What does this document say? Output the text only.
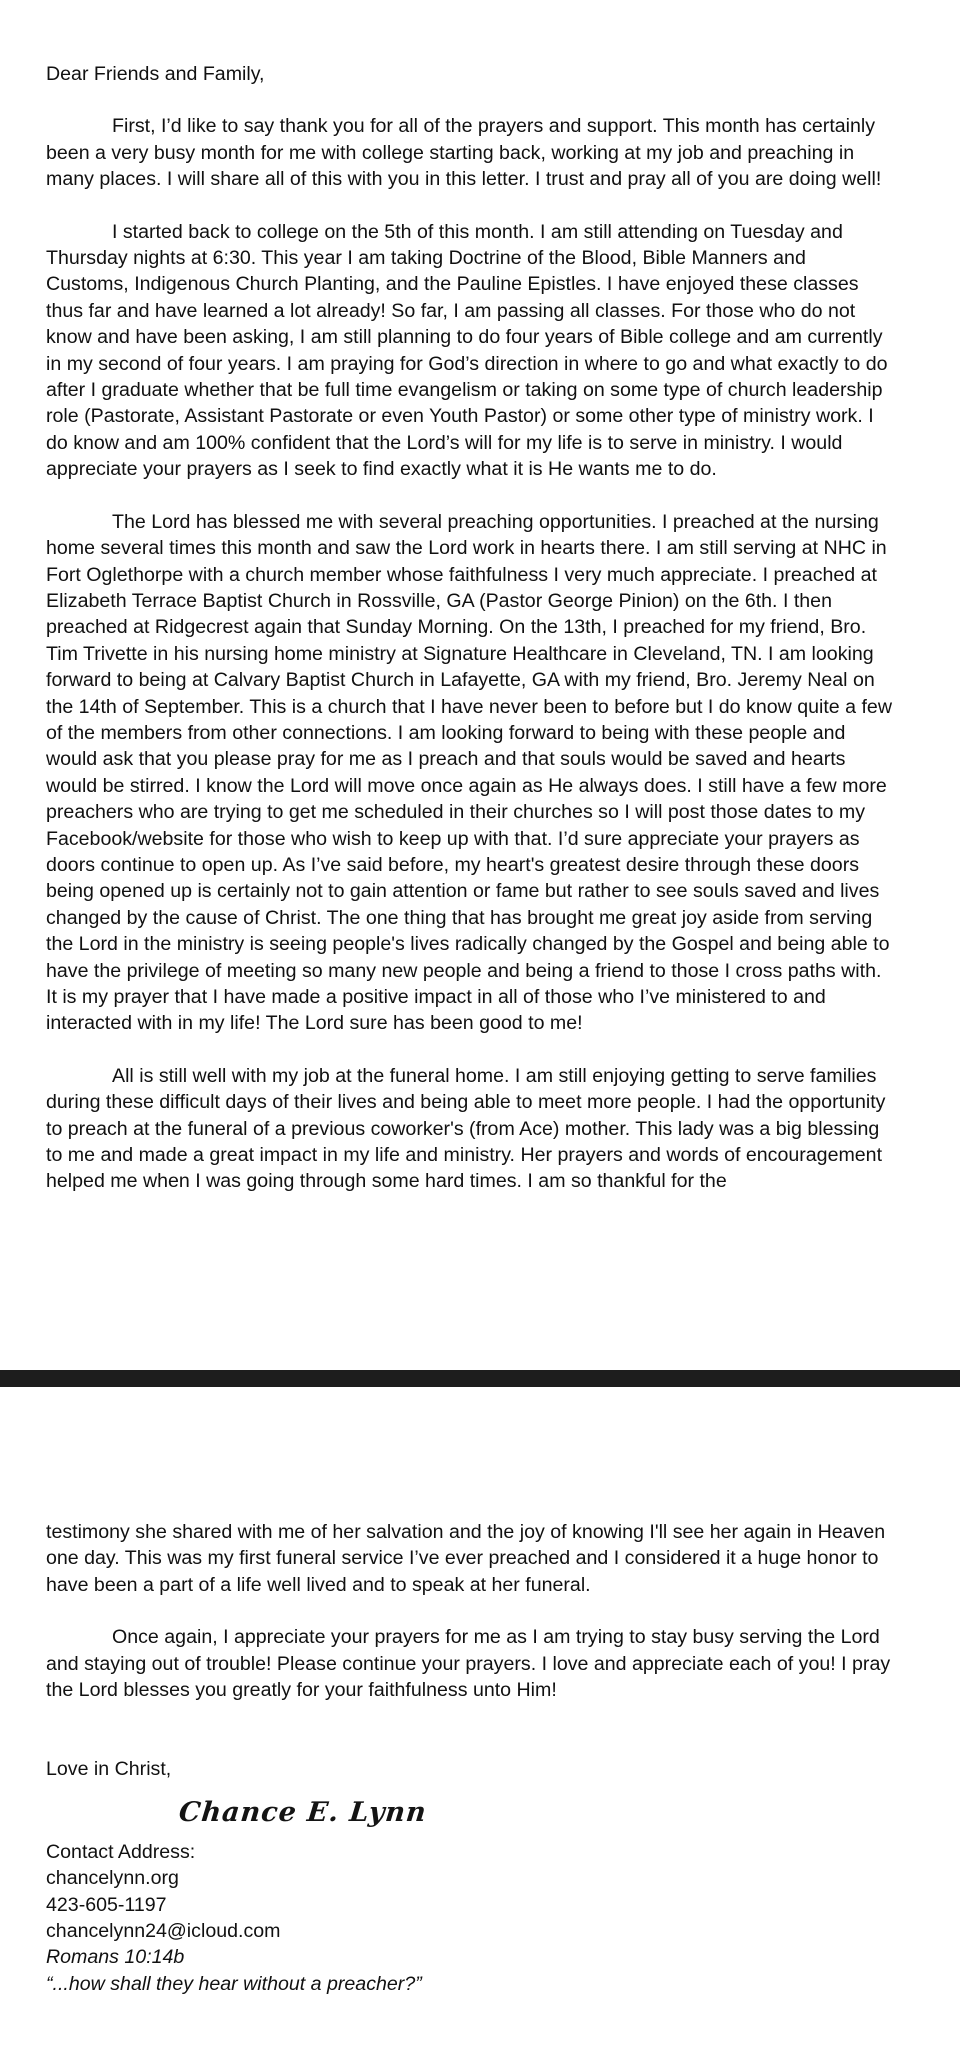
Dear Friends and Family,

First, I’d like to say thank you for all of the prayers and support. This month has certainly been a very busy month for me with college starting back, working at my job and preaching in many places. I will share all of this with you in this letter. I trust and pray all of you are doing well!

I started back to college on the 5th of this month. I am still attending on Tuesday and Thursday nights at 6:30. This year I am taking Doctrine of the Blood, Bible Manners and Customs, Indigenous Church Planting, and the Pauline Epistles. I have enjoyed these classes thus far and have learned a lot already! So far, I am passing all classes. For those who do not know and have been asking, I am still planning to do four years of Bible college and am currently in my second of four years. I am praying for God’s direction in where to go and what exactly to do after I graduate whether that be full time evangelism or taking on some type of church leadership role (Pastorate, Assistant Pastorate or even Youth Pastor) or some other type of ministry work. I do know and am 100% confident that the Lord’s will for my life is to serve in ministry. I would appreciate your prayers as I seek to find exactly what it is He wants me to do.

The Lord has blessed me with several preaching opportunities. I preached at the nursing home several times this month and saw the Lord work in hearts there. I am still serving at NHC in Fort Oglethorpe with a church member whose faithfulness I very much appreciate. I preached at Elizabeth Terrace Baptist Church in Rossville, GA (Pastor George Pinion) on the 6th. I then preached at Ridgecrest again that Sunday Morning. On the 13th, I preached for my friend, Bro. Tim Trivette in his nursing home ministry at Signature Healthcare in Cleveland, TN. I am looking forward to being at Calvary Baptist Church in Lafayette, GA with my friend, Bro. Jeremy Neal on the 14th of September. This is a church that I have never been to before but I do know quite a few of the members from other connections. I am looking forward to being with these people and would ask that you please pray for me as I preach and that souls would be saved and hearts would be stirred. I know the Lord will move once again as He always does. I still have a few more preachers who are trying to get me scheduled in their churches so I will post those dates to my Facebook/website for those who wish to keep up with that. I’d sure appreciate your prayers as doors continue to open up. As I’ve said before, my heart's greatest desire through these doors being opened up is certainly not to gain attention or fame but rather to see souls saved and lives changed by the cause of Christ. The one thing that has brought me great joy aside from serving the Lord in the ministry is seeing people's lives radically changed by the Gospel and being able to have the privilege of meeting so many new people and being a friend to those I cross paths with. It is my prayer that I have made a positive impact in all of those who I’ve ministered to and interacted with in my life! The Lord sure has been good to me!

All is still well with my job at the funeral home. I am still enjoying getting to serve families during these difficult days of their lives and being able to meet more people. I had the opportunity to preach at the funeral of a previous coworker's (from Ace) mother. This lady was a big blessing to me and made a great impact in my life and ministry. Her prayers and words of encouragement helped me when I was going through some hard times. I am so thankful for the

testimony she shared with me of her salvation and the joy of knowing I'll see her again in Heaven one day. This was my first funeral service I’ve ever preached and I considered it a huge honor to have been a part of a life well lived and to speak at her funeral.

Once again, I appreciate your prayers for me as I am trying to stay busy serving the Lord and staying out of trouble! Please continue your prayers. I love and appreciate each of you! I pray the Lord blesses you greatly for your faithfulness unto Him!

Love in Christ,

Chance E. Lynn
Contact Address:
chancelynn.org
423-605-1197
chancelynn24@icloud.com
Romans 10:14b
“...how shall they hear without a preacher?”
